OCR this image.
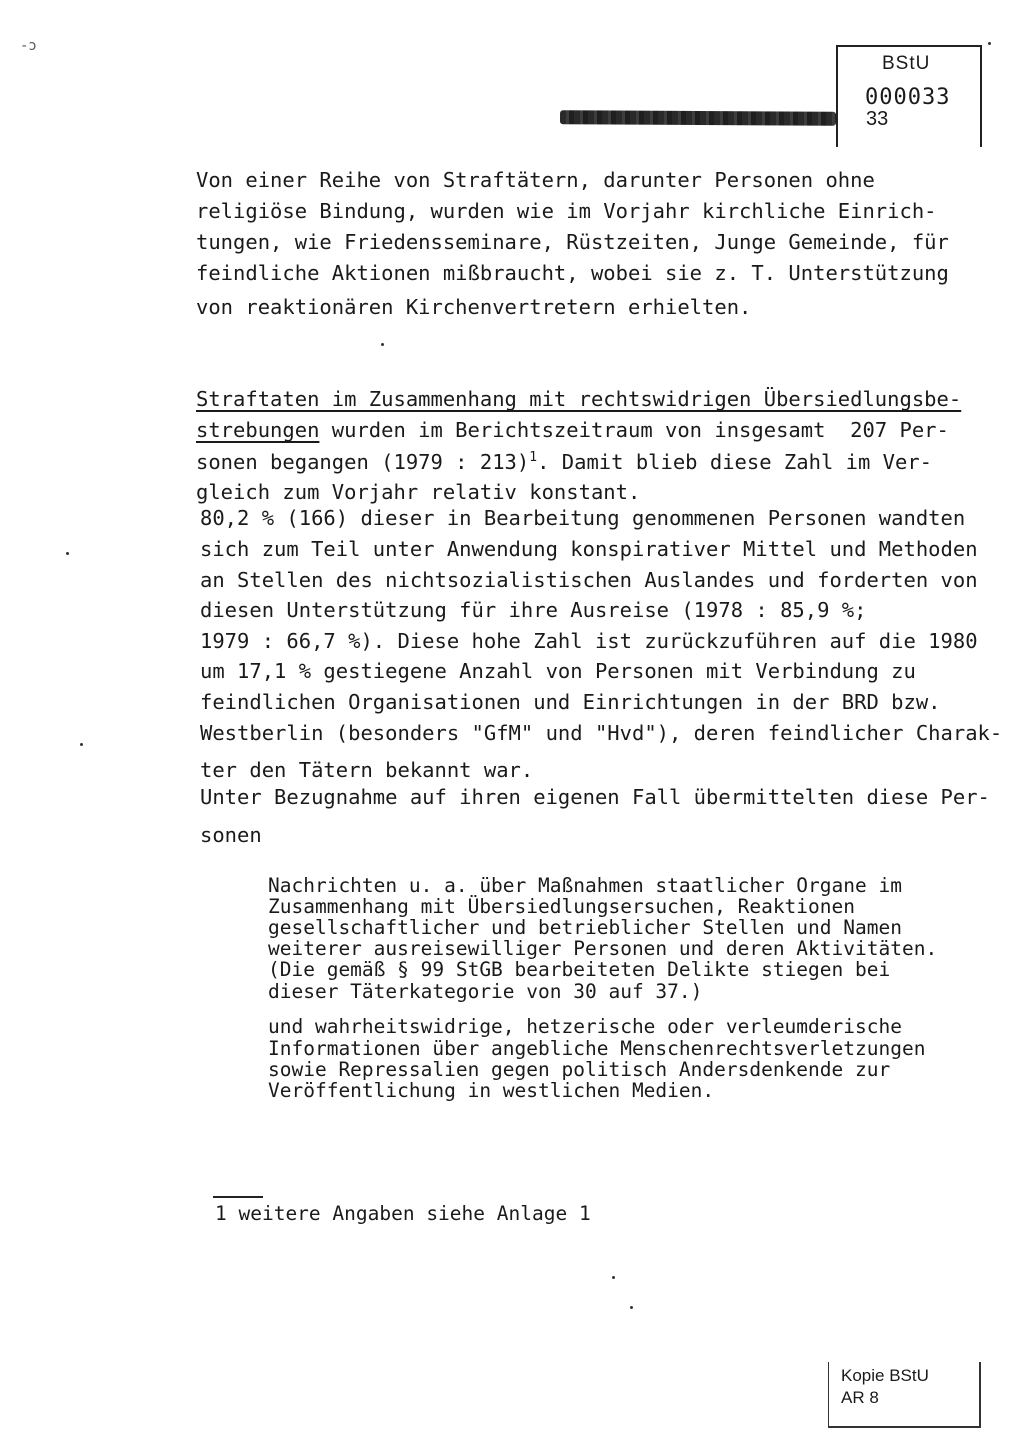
-ɔ
BStU
000033
33
Von einer Reihe von Straftätern, darunter Personen ohne
religiöse Bindung, wurden wie im Vorjahr kirchliche Einrich-
tungen, wie Friedensseminare, Rüstzeiten, Junge Gemeinde, für
feindliche Aktionen mißbraucht, wobei sie z. T. Unterstützung
von reaktionären Kirchenvertretern erhielten.
Straftaten im Zusammenhang mit rechtswidrigen Übersiedlungsbe-
strebungen wurden im Berichtszeitraum von insgesamt  207 Per-
sonen begangen (1979 : 213)$^1$. Damit blieb diese Zahl im Ver-
gleich zum Vorjahr relativ konstant.
80,2 % (166) dieser in Bearbeitung genommenen Personen wandten
sich zum Teil unter Anwendung konspirativer Mittel und Methoden
an Stellen des nichtsozialistischen Auslandes und forderten von
diesen Unterstützung für ihre Ausreise (1978 : 85,9 %;
1979 : 66,7 %). Diese hohe Zahl ist zurückzuführen auf die 1980
um 17,1 % gestiegene Anzahl von Personen mit Verbindung zu
feindlichen Organisationen und Einrichtungen in der BRD bzw.
Westberlin (besonders "GfM" und "Hvd"), deren feindlicher Charak-
ter den Tätern bekannt war.
Unter Bezugnahme auf ihren eigenen Fall übermittelten diese Per-
sonen
Nachrichten u. a. über Maßnahmen staatlicher Organe im
Zusammenhang mit Übersiedlungsersuchen, Reaktionen
gesellschaftlicher und betrieblicher Stellen und Namen
weiterer ausreisewilliger Personen und deren Aktivitäten.
(Die gemäß § 99 StGB bearbeiteten Delikte stiegen bei
dieser Täterkategorie von 30 auf 37.)
und wahrheitswidrige, hetzerische oder verleumderische
Informationen über angebliche Menschenrechtsverletzungen
sowie Repressalien gegen politisch Andersdenkende zur
Veröffentlichung in westlichen Medien.
1 weitere Angaben siehe Anlage 1
Kopie BStU
AR 8
